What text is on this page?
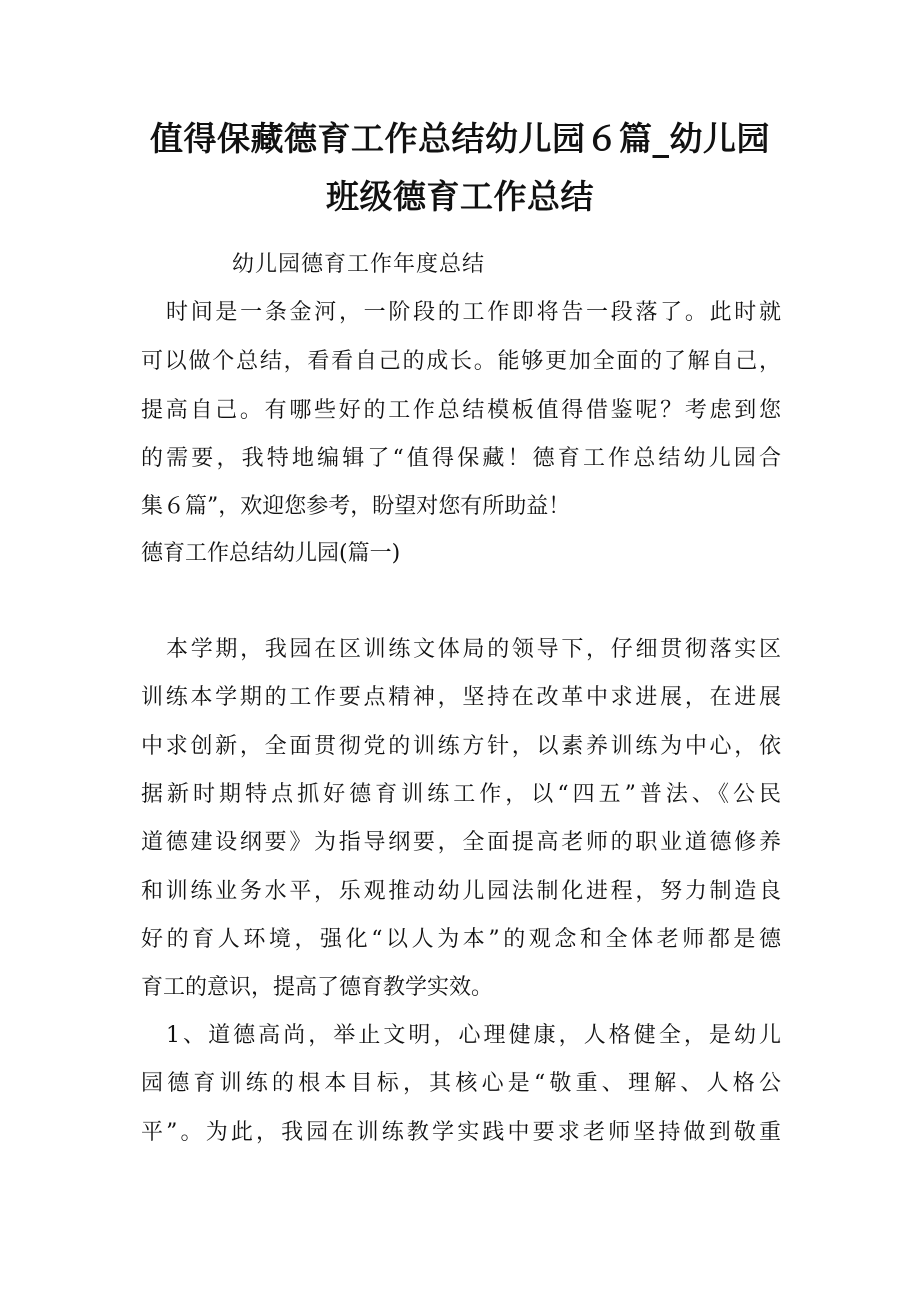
值得保藏德育工作总结幼儿园６篇_幼儿园
班级德育工作总结
幼儿园德育工作年度总结
时间是一条金河，一阶段的工作即将告一段落了。此时就
可以做个总结，看看自己的成长。能够更加全面的了解自己，
提高自己。有哪些好的工作总结模板值得借鉴呢？考虑到您
的需要，我特地编辑了“值得保藏！德育工作总结幼儿园合
集６篇”，欢迎您参考，盼望对您有所助益！
德育工作总结幼儿园(篇一)
本学期，我园在区训练文体局的领导下，仔细贯彻落实区
训练本学期的工作要点精神，坚持在改革中求进展，在进展
中求创新，全面贯彻党的训练方针，以素养训练为中心，依
据新时期特点抓好德育训练工作，以“四五”普法、《公民
道德建设纲要》为指导纲要，全面提高老师的职业道德修养
和训练业务水平，乐观推动幼儿园法制化进程，努力制造良
好的育人环境，强化“以人为本”的观念和全体老师都是德
育工的意识，提高了德育教学实效。
1、道德高尚，举止文明，心理健康，人格健全，是幼儿
园德育训练的根本目标，其核心是“敬重、理解、人格公
平”。为此，我园在训练教学实践中要求老师坚持做到敬重
